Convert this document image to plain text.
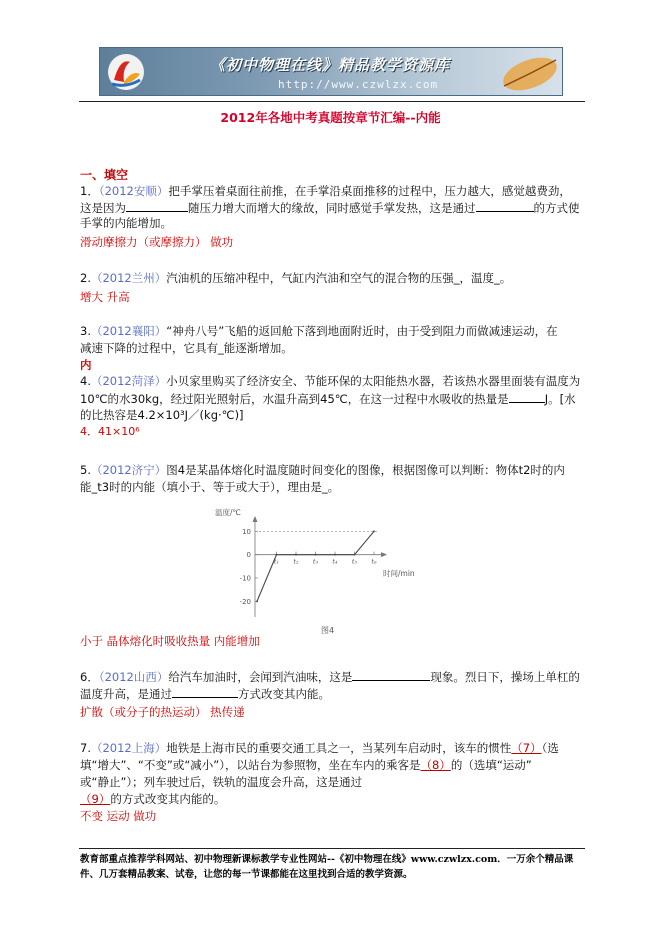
《初中物理在线》精品教学资源库
http://www.czwlzx.com
2012年各地中考真题按章节汇编--内能
一、填空
1．（2012安顺）把手掌压着桌面往前推，在手掌沿桌面推移的过程中，压力越大，感觉越费劲，
这是因为	随压力增大而增大的缘故，同时感觉手掌发热，这是通过	的方式使
手掌的内能增加。
滑动摩擦力（或摩擦力） 做功
2.（2012兰州）汽油机的压缩冲程中，气缸内汽油和空气的混合物的压强_，温度_。
增大 升高
3.（2012襄阳）“神舟八号”飞船的返回舱下落到地面附近时，由于受到阻力而做减速运动，在
减速下降的过程中，它具有_能逐渐增加。
内
4.（2012菏泽）小贝家里购买了经济安全、节能环保的太阳能热水器，若该热水器里面装有温度为
10℃的水30kg，经过阳光照射后，水温升高到45℃，在这一过程中水吸收的热量是	J。[水
的比热容是4.2×10³J／(kg·℃)]
4．41×10⁶
5.（2012济宁）图4是某晶体熔化时温度随时间变化的图像，根据图像可以判断：物体t2时的内
能_t3时的内能（填小于、等于或大于），理由是_。
温度/℃
时间/min
图4
10
0
-10
-20
t₁ t₂ t₃ t₄ t₅ t₆
小于 晶体熔化时吸收热量 内能增加
6．（2012山西）给汽车加油时，会闻到汽油味，这是	现象。烈日下，操场上单杠的
温度升高，是通过	方式改变其内能。
扩散（或分子的热运动） 热传递
7.（2012上海）地铁是上海市民的重要交通工具之一，当某列车启动时，该车的惯性（7）（选
填“增大”、“不变”或“减小”），以站台为参照物，坐在车内的乘客是（8）的（选填“运动”
或“静止”）；列车驶过后，铁轨的温度会升高，这是通过
（9）的方式改变其内能的。
不变 运动 做功
教育部重点推荐学科网站、初中物理新课标教学专业性网站--《初中物理在线》www.czwlzx.com．一万余个精品课
件、几万套精品教案、试卷，让您的每一节课都能在这里找到合适的教学资源。
